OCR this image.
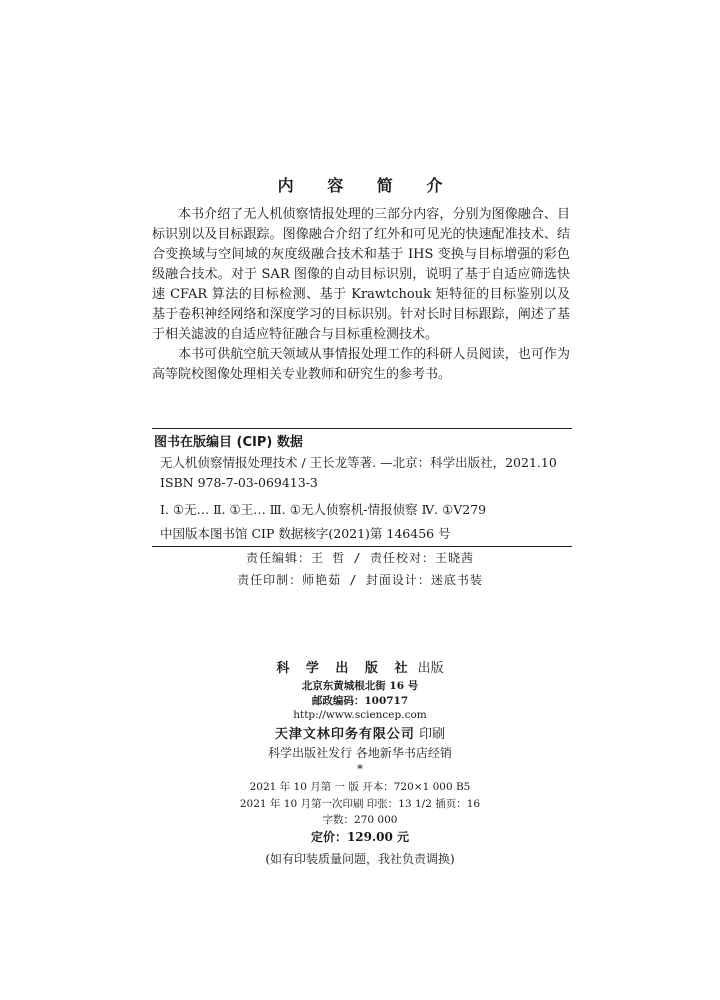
内 容 简 介

本书介绍了无人机侦察情报处理的三部分内容，分别为图像融合、目标识别以及目标跟踪。图像融合介绍了红外和可见光的快速配准技术、结合变换域与空间域的灰度级融合技术和基于 IHS 变换与目标增强的彩色级融合技术。对于 SAR 图像的自动目标识别，说明了基于自适应筛选快速 CFAR 算法的目标检测、基于 Krawtchouk 矩特征的目标鉴别以及基于卷积神经网络和深度学习的目标识别。针对长时目标跟踪，阐述了基于相关滤波的自适应特征融合与目标重检测技术。

本书可供航空航天领域从事情报处理工作的科研人员阅读，也可作为高等院校图像处理相关专业教师和研究生的参考书。

图书在版编目 (CIP) 数据
无人机侦察情报处理技术 / 王长龙等著. —北京：科学出版社，2021.10
ISBN 978-7-03-069413-3
Ⅰ. ①无… Ⅱ. ①王… Ⅲ. ①无人侦察机-情报侦察 Ⅳ. ①V279
中国版本图书馆 CIP 数据核字(2021)第 146456 号
责任编辑：王 哲 / 责任校对：王晓茜
责任印制：师艳茹 / 封面设计：迷底书装
科 学 出 版 社 出版
北京东黄城根北街 16 号
邮政编码：100717
http://www.sciencep.com
天津文林印务有限公司 印刷
科学出版社发行 各地新华书店经销
*
2021 年 10 月第 一 版 开本：720×1 000 B5
2021 年 10 月第一次印刷 印张：13 1/2 插页：16
字数：270 000
定价：129.00 元
(如有印装质量问题，我社负责调换)
